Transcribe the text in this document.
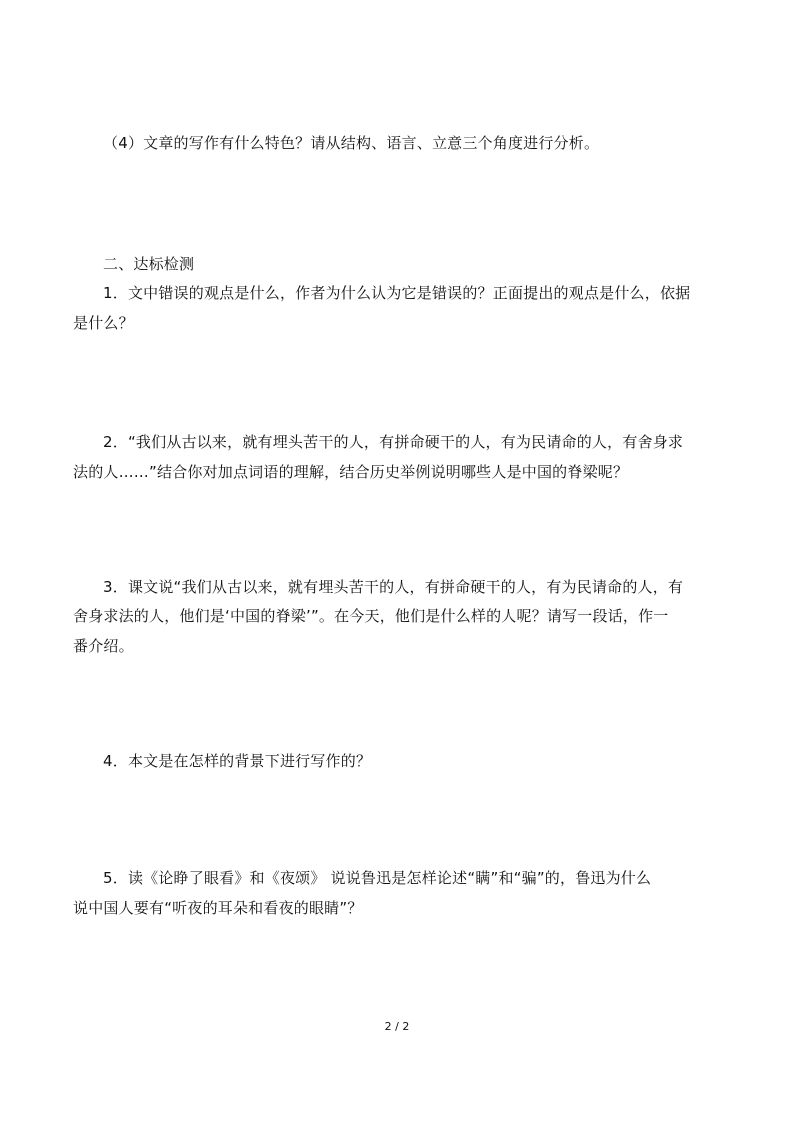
（4）文章的写作有什么特色？请从结构、语言、立意三个角度进行分析。
二、达标检测
1．文中错误的观点是什么，作者为什么认为它是错误的？正面提出的观点是什么，依据
是什么？
2．“我们从古以来，就有埋头苦干的人，有拼命硬干的人，有为民请命的人，有舍身求
法的人……”结合你对加点词语的理解，结合历史举例说明哪些人是中国的脊梁呢？
3．课文说“我们从古以来，就有埋头苦干的人，有拼命硬干的人，有为民请命的人，有
舍身求法的人，他们是‘中国的脊梁’”。在今天，他们是什么样的人呢？请写一段话，作一
番介绍。
4．本文是在怎样的背景下进行写作的？
5．读《论睁了眼看》和《夜颂》 说说鲁迅是怎样论述“瞒”和“骗”的，鲁迅为什么
说中国人要有“听夜的耳朵和看夜的眼睛”？
2 / 2
